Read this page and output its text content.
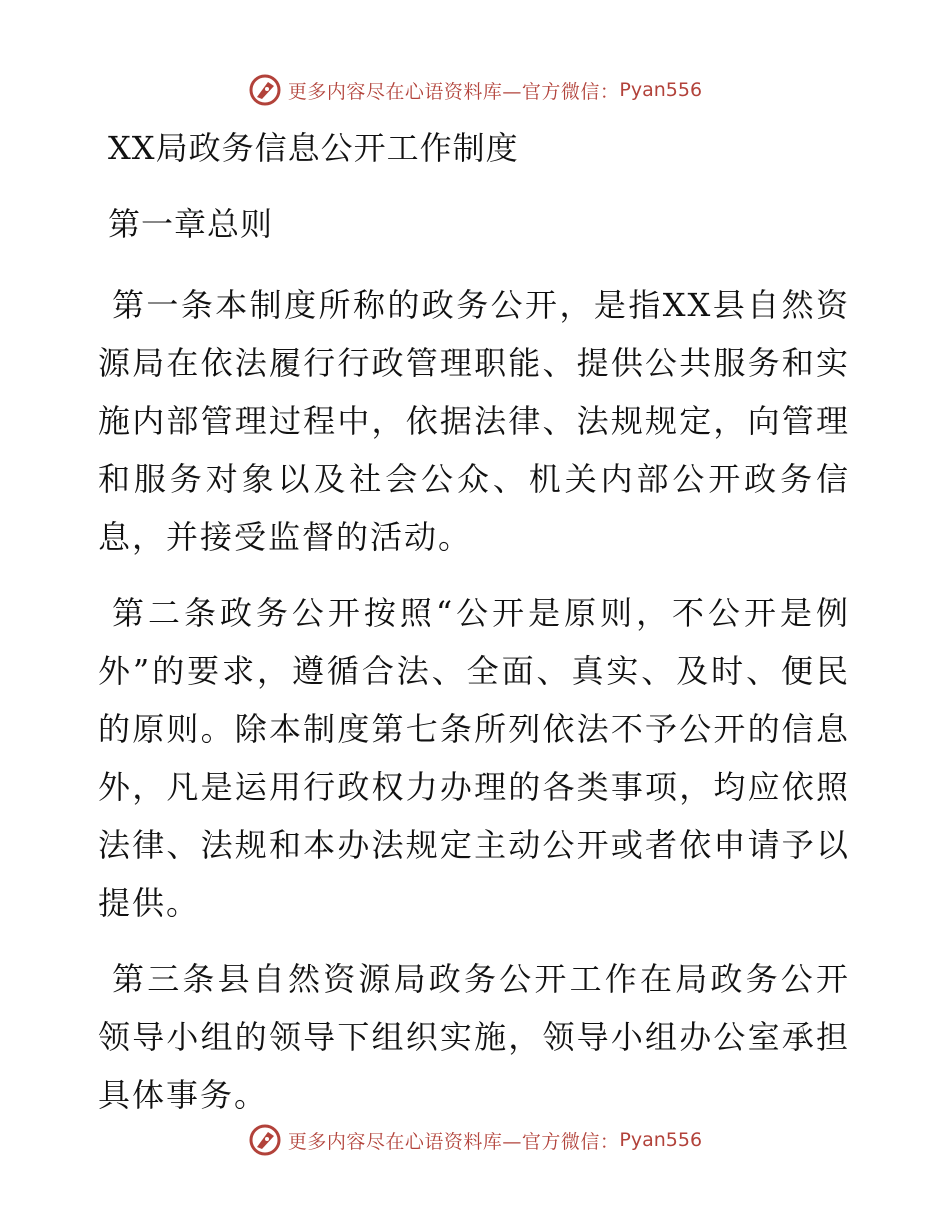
更多内容尽在心语资料库—官方微信： Pyan556
XX局政务信息公开工作制度
第一章总则

第一条本制度所称的政务公开，是指XX县自然资源局在依法履行行政管理职能、提供公共服务和实施内部管理过程中，依据法律、法规规定，向管理和服务对象以及社会公众、机关内部公开政务信息，并接受监督的活动。

第二条政务公开按照“公开是原则，不公开是例外”的要求，遵循合法、全面、真实、及时、便民的原则。除本制度第七条所列依法不予公开的信息外，凡是运用行政权力办理的各类事项，均应依照法律、法规和本办法规定主动公开或者依申请予以提供。

第三条县自然资源局政务公开工作在局政务公开领导小组的领导下组织实施，领导小组办公室承担具体事务。

更多内容尽在心语资料库—官方微信： Pyan556
